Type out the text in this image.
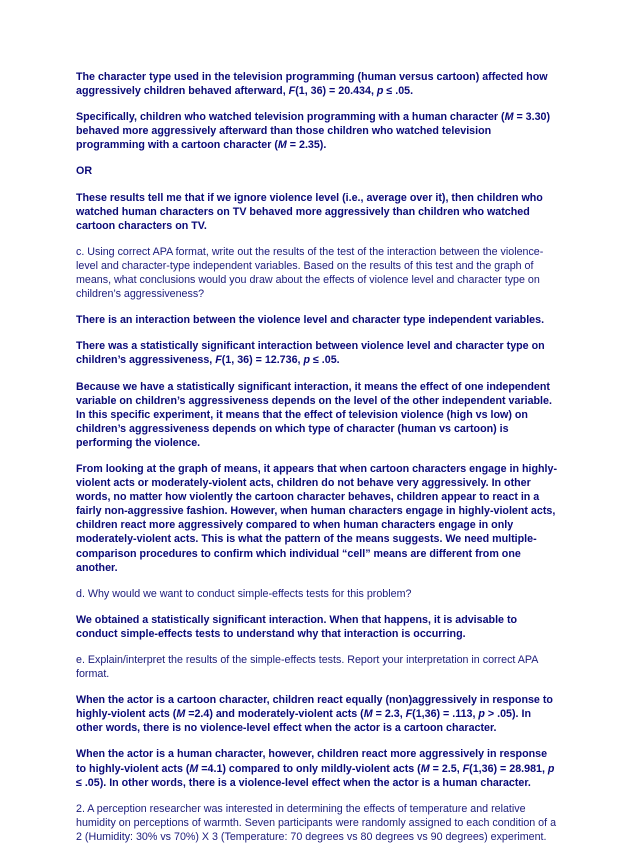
The character type used in the television programming (human versus cartoon) affected how aggressively children behaved afterward, F(1, 36) = 20.434, p ≤ .05.

Specifically, children who watched television programming with a human character (M = 3.30) behaved more aggressively afterward than those children who watched television programming with a cartoon character (M = 2.35).

OR

These results tell me that if we ignore violence level (i.e., average over it), then children who watched human characters on TV behaved more aggressively than children who watched cartoon characters on TV.

c. Using correct APA format, write out the results of the test of the interaction between the violence-level and character-type independent variables. Based on the results of this test and the graph of means, what conclusions would you draw about the effects of violence level and character type on children’s aggressiveness?

There is an interaction between the violence level and character type independent variables.

There was a statistically significant interaction between violence level and character type on children’s aggressiveness, F(1, 36) = 12.736, p ≤ .05.

Because we have a statistically significant interaction, it means the effect of one independent variable on children’s aggressiveness depends on the level of the other independent variable. In this specific experiment, it means that the effect of television violence (high vs low) on children’s aggressiveness depends on which type of character (human vs cartoon) is performing the violence.

From looking at the graph of means, it appears that when cartoon characters engage in highly-violent acts or moderately-violent acts, children do not behave very aggressively. In other words, no matter how violently the cartoon character behaves, children appear to react in a fairly non-aggressive fashion. However, when human characters engage in highly-violent acts, children react more aggressively compared to when human characters engage in only moderately-violent acts. This is what the pattern of the means suggests. We need multiple-comparison procedures to confirm which individual “cell” means are different from one another.

d. Why would we want to conduct simple-effects tests for this problem?

We obtained a statistically significant interaction. When that happens, it is advisable to conduct simple-effects tests to understand why that interaction is occurring.

e. Explain/interpret the results of the simple-effects tests. Report your interpretation in correct APA format.

When the actor is a cartoon character, children react equally (non)aggressively in response to highly-violent acts (M =2.4) and moderately-violent acts (M = 2.3, F(1,36) = .113, p > .05). In other words, there is no violence-level effect when the actor is a cartoon character.

When the actor is a human character, however, children react more aggressively in response to highly-violent acts (M =4.1) compared to only mildly-violent acts (M = 2.5, F(1,36) = 28.981, p ≤ .05). In other words, there is a violence-level effect when the actor is a human character.

2. A perception researcher was interested in determining the effects of temperature and relative humidity on perceptions of warmth. Seven participants were randomly assigned to each condition of a 2 (Humidity: 30% vs 70%) X 3 (Temperature: 70 degrees vs 80 degrees vs 90 degrees) experiment.
